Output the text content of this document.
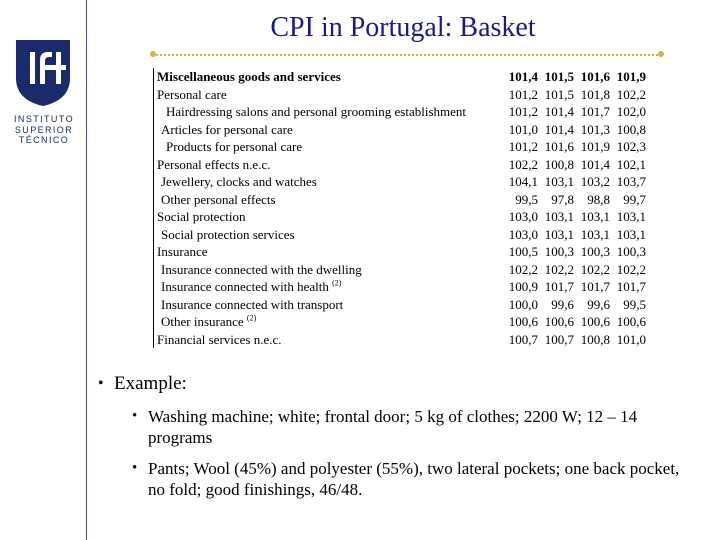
INSTITUTO
SUPERIOR
TÉCNICO
CPI in Portugal: Basket
Miscellaneous goods and services	101,4	101,5	101,6	101,9
Personal care	101,2	101,5	101,8	102,2
Hairdressing salons and personal grooming establishment	101,2	101,4	101,7	102,0
Articles for personal care	101,0	101,4	101,3	100,8
Products for personal care	101,2	101,6	101,9	102,3
Personal effects n.e.c.	102,2	100,8	101,4	102,1
Jewellery, clocks and watches	104,1	103,1	103,2	103,7
Other personal effects	99,5	97,8	98,8	99,7
Social protection	103,0	103,1	103,1	103,1
Social protection services	103,0	103,1	103,1	103,1
Insurance	100,5	100,3	100,3	100,3
Insurance connected with the dwelling	102,2	102,2	102,2	102,2
Insurance connected with health $^{(2)}$	100,9	101,7	101,7	101,7
Insurance connected with transport	100,0	99,6	99,6	99,5
Other insurance $^{(2)}$	100,6	100,6	100,6	100,6
Financial services n.e.c.	100,7	100,7	100,8	101,0
• Example:
• Washing machine; white; frontal door; 5 kg of clothes; 2200 W; 12 – 14 programs
• Pants; Wool (45%) and polyester (55%), two lateral pockets; one back pocket, no fold; good finishings, 46/48.
